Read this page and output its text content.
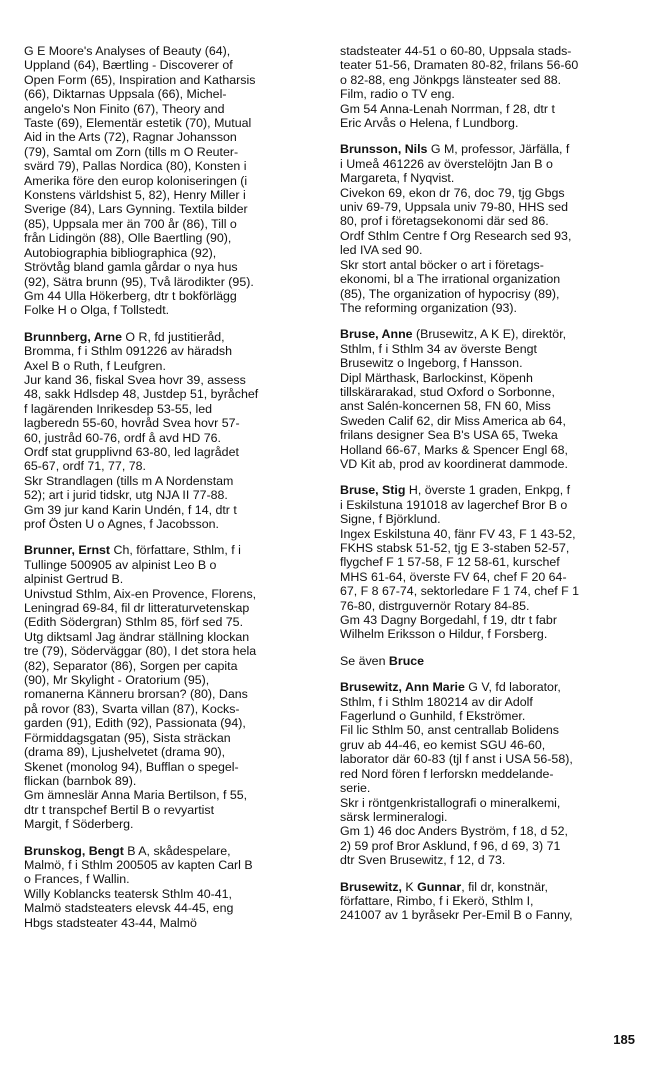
G E Moore's Analyses of Beauty (64),
Uppland (64), Bærtling - Discoverer of
Open Form (65), Inspiration and Katharsis
(66), Diktarnas Uppsala (66), Michel-
angelo's Non Finito (67), Theory and
Taste (69), Elementär estetik (70), Mutual
Aid in the Arts (72), Ragnar Johansson
(79), Samtal om Zorn (tills m O Reuter-
svärd 79), Pallas Nordica (80), Konsten i
Amerika före den europ koloniseringen (i
Konstens världshist 5, 82), Henry Miller i
Sverige (84), Lars Gynning. Textila bilder
(85), Uppsala mer än 700 år (86), Till o
från Lidingön (88), Olle Baertling (90),
Autobiographia bibliographica (92),
Strövtåg bland gamla gårdar o nya hus
(92), Sätra brunn (95), Två lärodikter (95).
Gm 44 Ulla Hökerberg, dtr t bokförlägg
Folke H o Olga, f Tollstedt.
Brunnberg, Arne O R, fd justitieråd,
Bromma, f i Sthlm 091226 av häradsh
Axel B o Ruth, f Leufgren.
Jur kand 36, fiskal Svea hovr 39, assess
48, sakk Hdlsdep 48, Justdep 51, byråchef
f lagärenden Inrikesdep 53-55, led
lagberedn 55-60, hovråd Svea hovr 57-
60, justråd 60-76, ordf å avd HD 76.
Ordf stat grupplivnd 63-80, led lagrådet
65-67, ordf 71, 77, 78.
Skr Strandlagen (tills m A Nordenstam
52); art i jurid tidskr, utg NJA II 77-88.
Gm 39 jur kand Karin Undén, f 14, dtr t
prof Östen U o Agnes, f Jacobsson.
Brunner, Ernst Ch, författare, Sthlm, f i
Tullinge 500905 av alpinist Leo B o
alpinist Gertrud B.
Univstud Sthlm, Aix-en Provence, Florens,
Leningrad 69-84, fil dr litteraturvetenskap
(Edith Södergran) Sthlm 85, förf sed 75.
Utg diktsaml Jag ändrar ställning klockan
tre (79), Söderväggar (80), I det stora hela
(82), Separator (86), Sorgen per capita
(90), Mr Skylight - Oratorium (95),
romanerna Känneru brorsan? (80), Dans
på rovor (83), Svarta villan (87), Kocks-
garden (91), Edith (92), Passionata (94),
Förmiddagsgatan (95), Sista sträckan
(drama 89), Ljushelvetet (drama 90),
Skenet (monolog 94), Bufflan o spegel-
flickan (barnbok 89).
Gm ämneslär Anna Maria Bertilson, f 55,
dtr t transpchef Bertil B o revyartist
Margit, f Söderberg.
Brunskog, Bengt B A, skådespelare,
Malmö, f i Sthlm 200505 av kapten Carl B
o Frances, f Wallin.
Willy Koblancks teatersk Sthlm 40-41,
Malmö stadsteaters elevsk 44-45, eng
Hbgs stadsteater 43-44, Malmö
stadsteater 44-51 o 60-80, Uppsala stads-
teater 51-56, Dramaten 80-82, frilans 56-60
o 82-88, eng Jönkpgs länsteater sed 88.
Film, radio o TV eng.
Gm 54 Anna-Lenah Norrman, f 28, dtr t
Eric Arvås o Helena, f Lundborg.
Brunsson, Nils G M, professor, Järfälla, f
i Umeå 461226 av överstelöjtn Jan B o
Margareta, f Nyqvist.
Civekon 69, ekon dr 76, doc 79, tjg Gbgs
univ 69-79, Uppsala univ 79-80, HHS sed
80, prof i företagsekonomi där sed 86.
Ordf Sthlm Centre f Org Research sed 93,
led IVA sed 90.
Skr stort antal böcker o art i företags-
ekonomi, bl a The irrational organization
(85), The organization of hypocrisy (89),
The reforming organization (93).
Bruse, Anne (Brusewitz, A K E), direktör,
Sthlm, f i Sthlm 34 av överste Bengt
Brusewitz o Ingeborg, f Hansson.
Dipl Märthask, Barlockinst, Köpenh
tillskärarakad, stud Oxford o Sorbonne,
anst Salén-koncernen 58, FN 60, Miss
Sweden Calif 62, dir Miss America ab 64,
frilans designer Sea B's USA 65, Tweka
Holland 66-67, Marks & Spencer Engl 68,
VD Kit ab, prod av koordinerat dammode.
Bruse, Stig H, överste 1 graden, Enkpg, f
i Eskilstuna 191018 av lagerchef Bror B o
Signe, f Björklund.
Ingex Eskilstuna 40, fänr FV 43, F 1 43-52,
FKHS stabsk 51-52, tjg E 3-staben 52-57,
flygchef F 1 57-58, F 12 58-61, kurschef
MHS 61-64, överste FV 64, chef F 20 64-
67, F 8 67-74, sektorledare F 1 74, chef F 1
76-80, distrguvernör Rotary 84-85.
Gm 43 Dagny Borgedahl, f 19, dtr t fabr
Wilhelm Eriksson o Hildur, f Forsberg.
Se även Bruce
Brusewitz, Ann Marie G V, fd laborator,
Sthlm, f i Sthlm 180214 av dir Adolf
Fagerlund o Gunhild, f Ekströmer.
Fil lic Sthlm 50, anst centrallab Bolidens
gruv ab 44-46, eo kemist SGU 46-60,
laborator där 60-83 (tjl f anst i USA 56-58),
red Nord fören f lerforskn meddelande-
serie.
Skr i röntgenkristallografi o mineralkemi,
särsk lermineralogi.
Gm 1) 46 doc Anders Byström, f 18, d 52,
2) 59 prof Bror Asklund, f 96, d 69, 3) 71
dtr Sven Brusewitz, f 12, d 73.
Brusewitz, K Gunnar, fil dr, konstnär,
författare, Rimbo, f i Ekerö, Sthlm I,
241007 av 1 byråsekr Per-Emil B o Fanny,
185
